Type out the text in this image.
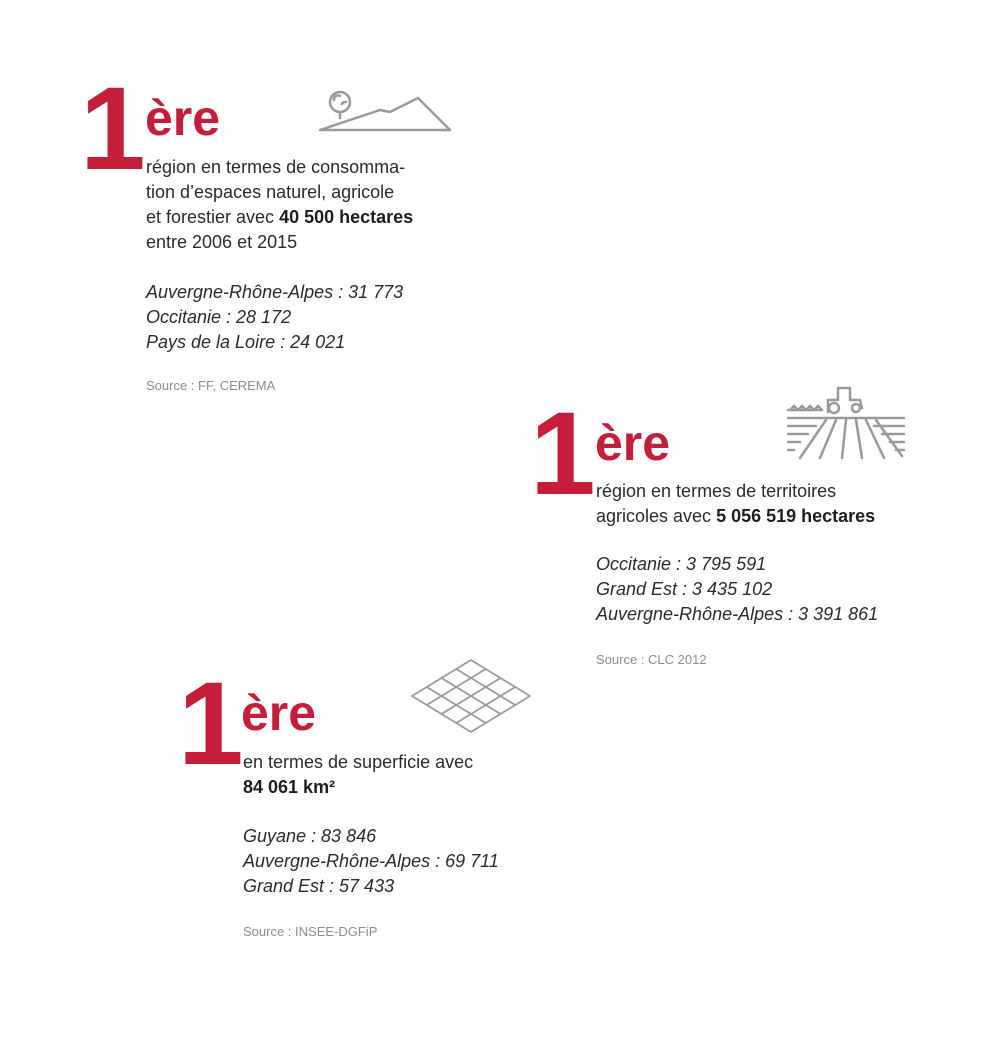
1 ère
région en termes de consomma-
tion d’espaces naturel, agricole
et forestier avec 40 500 hectares
entre 2006 et 2015
Auvergne-Rhône-Alpes : 31 773
Occitanie : 28 172
Pays de la Loire : 24 021
Source : FF, CEREMA
1 ère
région en termes de territoires
agricoles avec 5 056 519 hectares
Occitanie : 3 795 591
Grand Est : 3 435 102
Auvergne-Rhône-Alpes : 3 391 861
Source : CLC 2012
1 ère
en termes de superficie avec
84 061 km²
Guyane : 83 846
Auvergne-Rhône-Alpes : 69 711
Grand Est : 57 433
Source : INSEE-DGFiP
